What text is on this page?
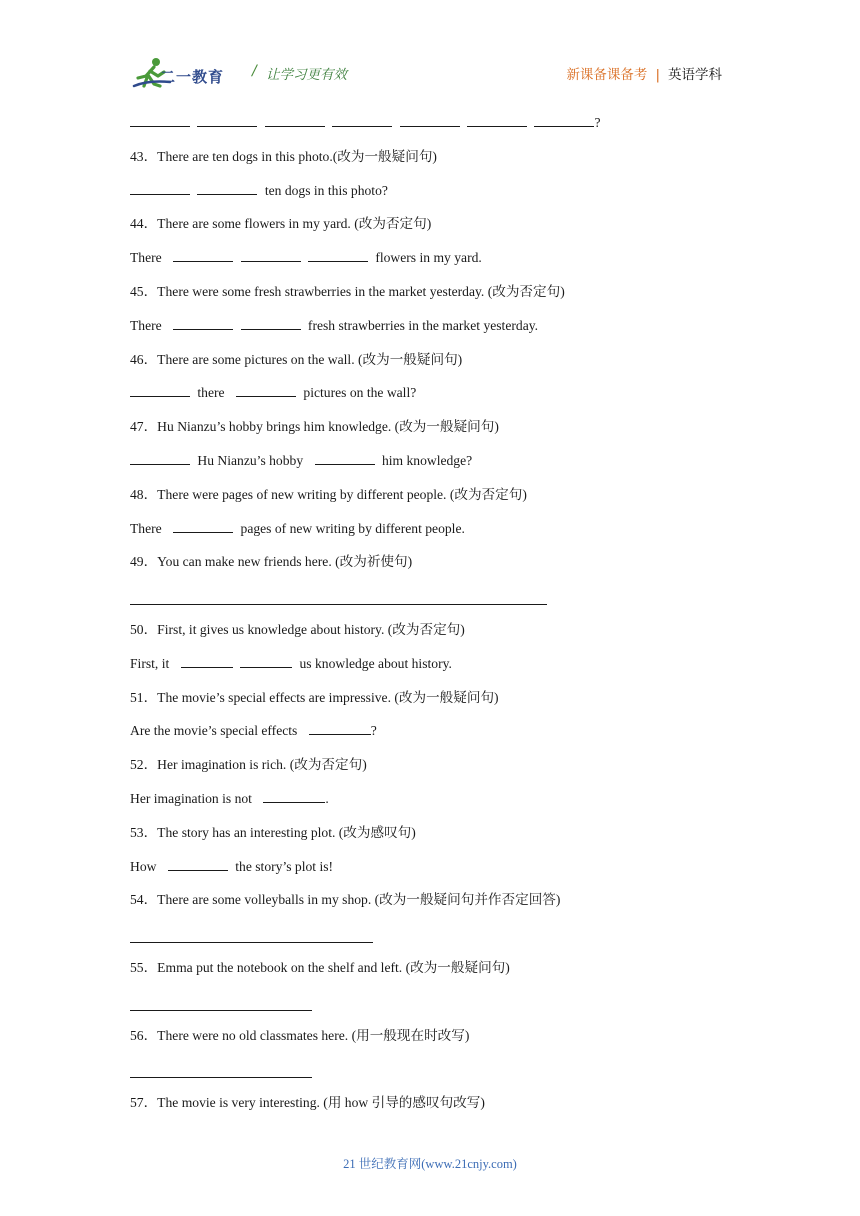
二一教育 / 让学习更有效	新课备课备考 | 英语学科
?
43．There are ten dogs in this photo.(改为一般疑问句)
ten dogs in this photo?
44．There are some flowers in my yard. (改为否定句)
There	flowers in my yard.
45．There were some fresh strawberries in the market yesterday. (改为否定句)
There	fresh strawberries in the market yesterday.
46．There are some pictures on the wall. (改为一般疑问句)
there	pictures on the wall?
47．Hu Nianzu’s hobby brings him knowledge. (改为一般疑问句)
Hu Nianzu’s hobby	him knowledge?
48．There were pages of new writing by different people. (改为否定句)
There	pages of new writing by different people.
49．You can make new friends here. (改为祈使句)
50．First, it gives us knowledge about history. (改为否定句)
First, it	us knowledge about history.
51．The movie’s special effects are impressive. (改为一般疑问句)
Are the movie’s special effects	?
52．Her imagination is rich. (改为否定句)
Her imagination is not	.
53．The story has an interesting plot. (改为感叹句)
How	the story’s plot is!
54．There are some volleyballs in my shop. (改为一般疑问句并作否定回答)
55．Emma put the notebook on the shelf and left. (改为一般疑问句)
56．There were no old classmates here. (用一般现在时改写)
57．The movie is very interesting. (用 how 引导的感叹句改写)
21 世纪教育网(www.21cnjy.com)
